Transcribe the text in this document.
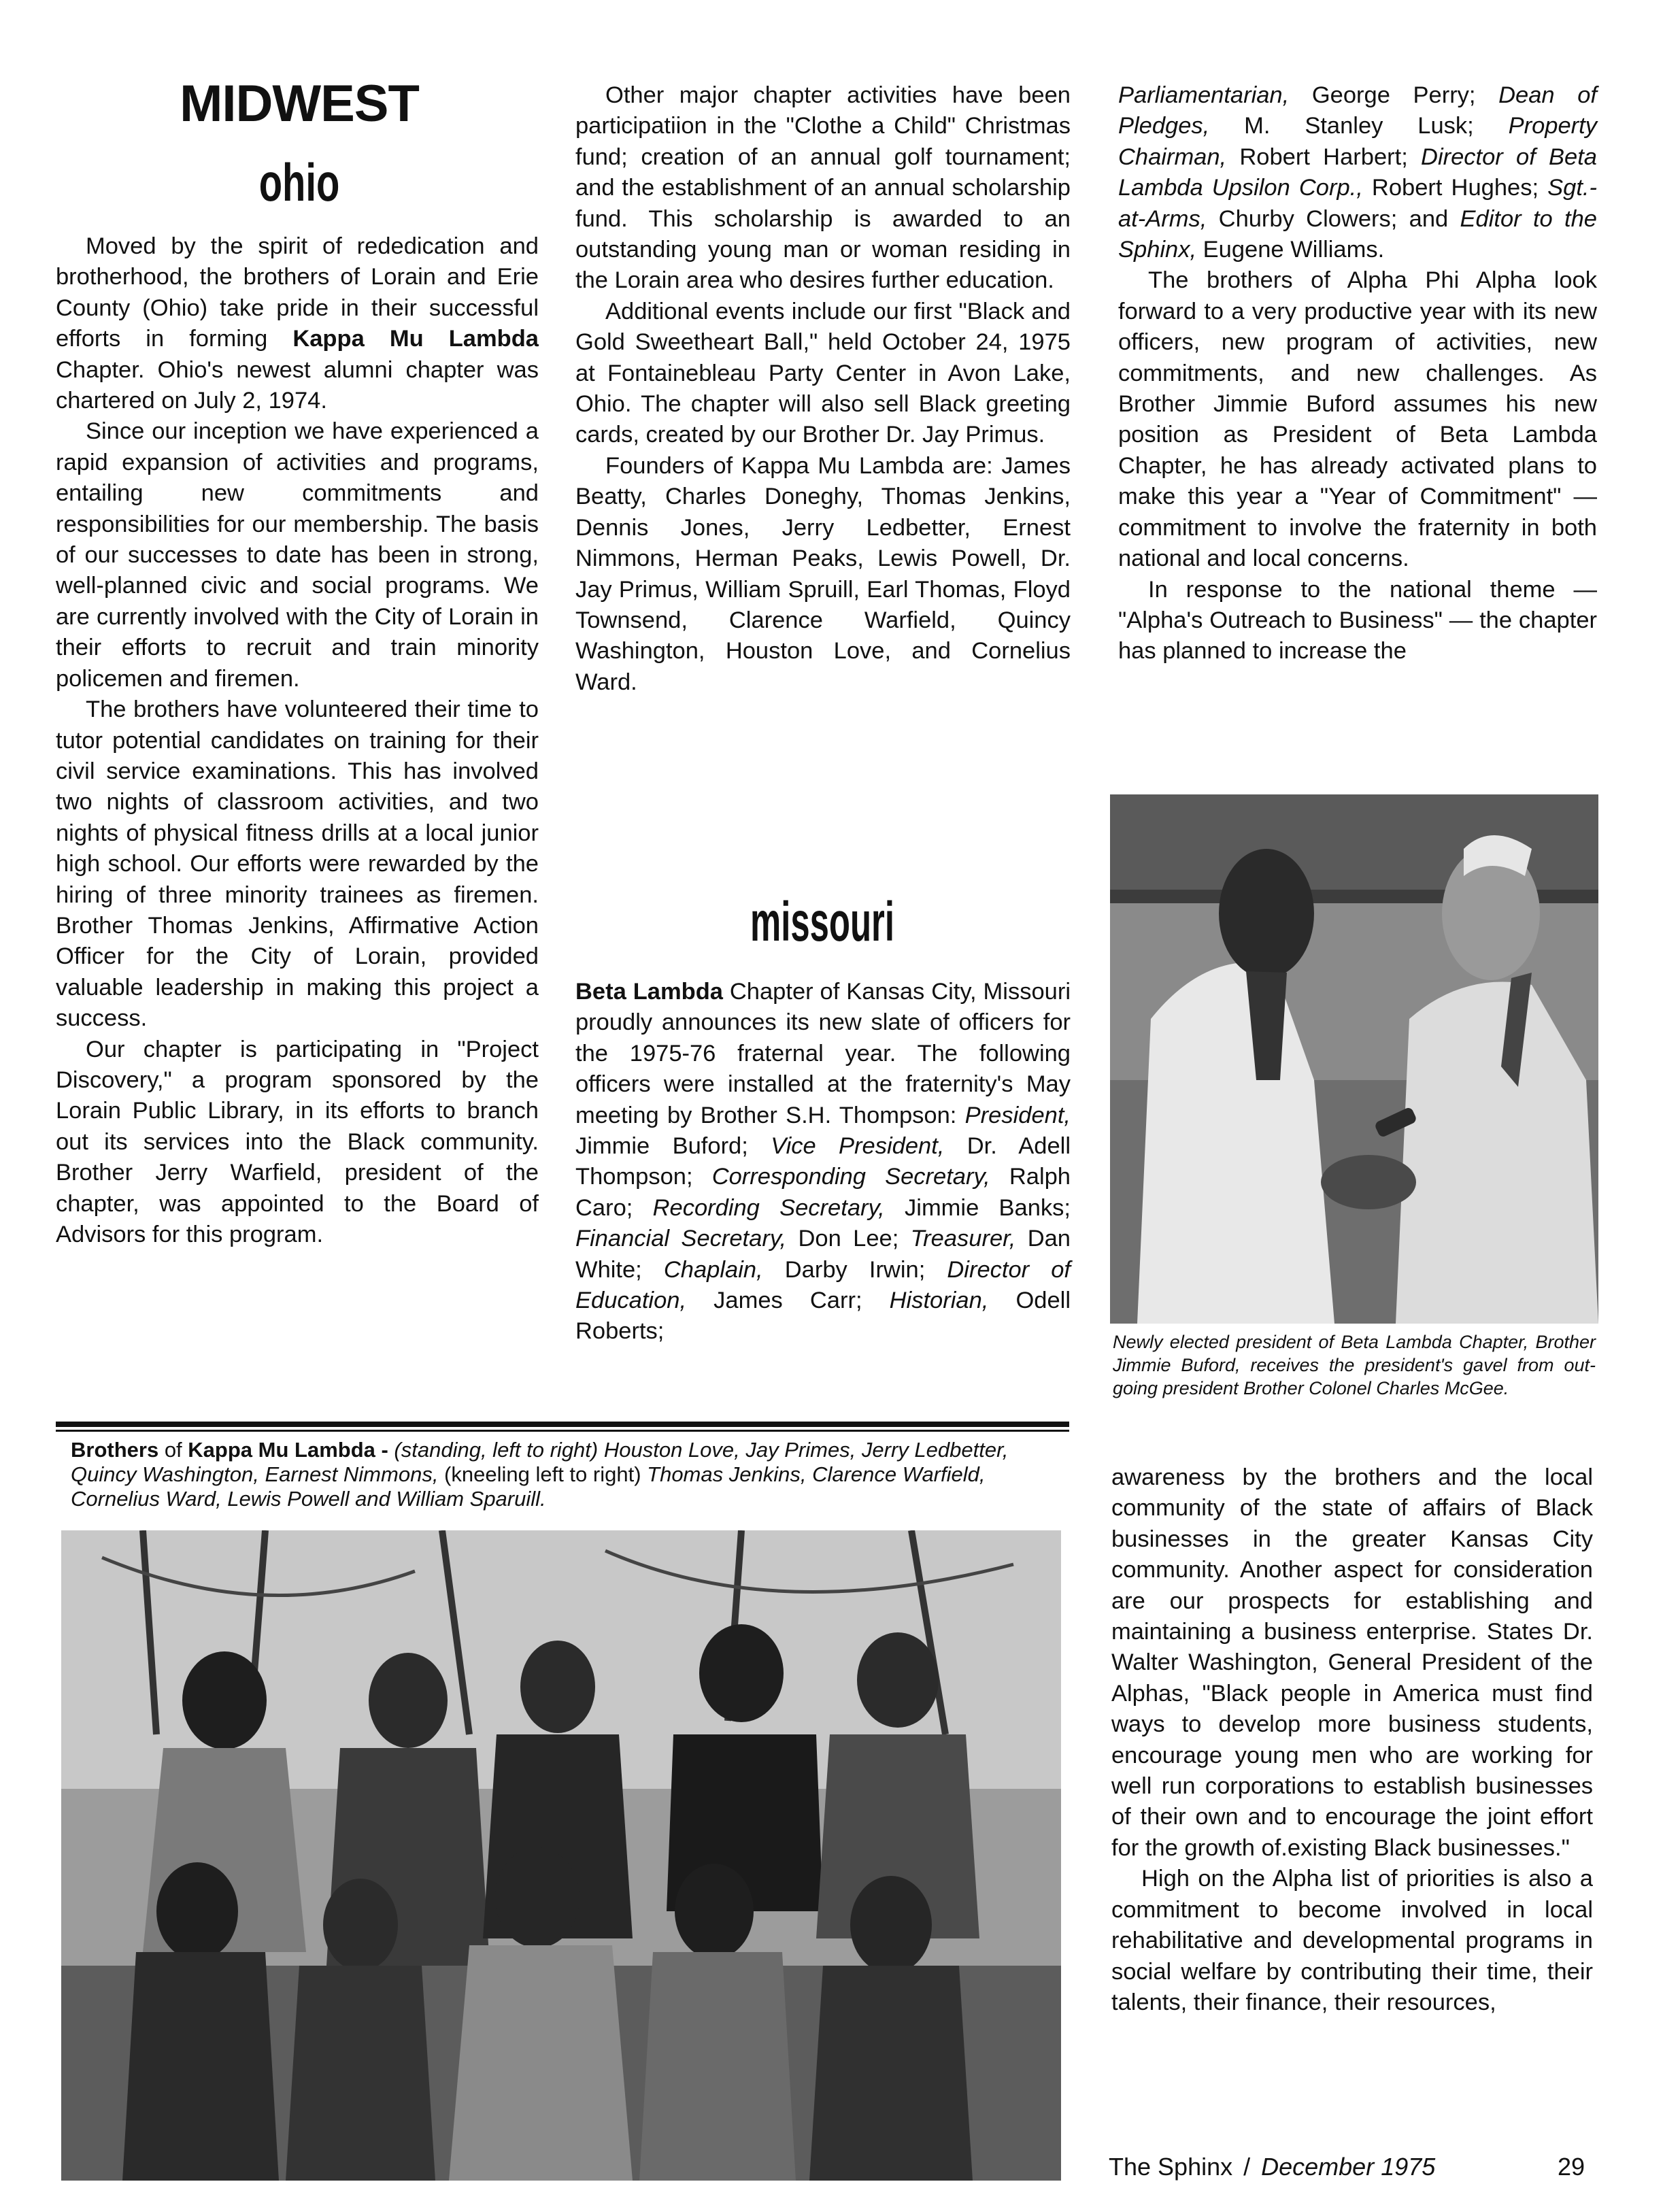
MIDWEST
ohio
missouri

Moved by the spirit of rededication and brotherhood, the brothers of Lorain and Erie County (Ohio) take pride in their successful efforts in forming Kappa Mu Lambda Chapter. Ohio's newest alumni chapter was chartered on July 2, 1974.

Since our inception we have experienced a rapid expansion of activities and programs, entailing new commitments and responsibilities for our membership. The basis of our successes to date has been in strong, well-planned civic and social programs. We are currently involved with the City of Lorain in their efforts to recruit and train minority policemen and firemen.

The brothers have volunteered their time to tutor potential candidates on training for their civil service examinations. This has involved two nights of classroom activities, and two nights of physical fitness drills at a local junior high school. Our efforts were rewarded by the hiring of three minority trainees as firemen. Brother Thomas Jenkins, Affirmative Action Officer for the City of Lorain, provided valuable leadership in making this project a success.

Our chapter is participating in "Project Discovery," a program sponsored by the Lorain Public Library, in its efforts to branch out its services into the Black community. Brother Jerry Warfield, president of the chapter, was appointed to the Board of Advisors for this program.

Other major chapter activities have been participatiion in the "Clothe a Child" Christmas fund; creation of an annual golf tournament; and the establishment of an annual scholarship fund. This scholarship is awarded to an outstanding young man or woman residing in the Lorain area who desires further education.

Additional events include our first "Black and Gold Sweetheart Ball," held October 24, 1975 at Fontainebleau Party Center in Avon Lake, Ohio. The chapter will also sell Black greeting cards, created by our Brother Dr. Jay Primus.

Founders of Kappa Mu Lambda are: James Beatty, Charles Doneghy, Thomas Jenkins, Dennis Jones, Jerry Ledbetter, Ernest Nimmons, Herman Peaks, Lewis Powell, Dr. Jay Primus, William Spruill, Earl Thomas, Floyd Townsend, Clarence Warfield, Quincy Washington, Houston Love, and Cornelius Ward.

Beta Lambda Chapter of Kansas City, Missouri proudly announces its new slate of officers for the 1975-76 fraternal year. The following officers were installed at the fraternity's May meeting by Brother S.H. Thompson: President, Jimmie Buford; Vice President, Dr. Adell Thompson; Corresponding Secretary, Ralph Caro; Recording Secretary, Jimmie Banks; Financial Secretary, Don Lee; Treasurer, Dan White; Chaplain, Darby Irwin; Director of Education, James Carr; Historian, Odell Roberts;

Parliamentarian, George Perry; Dean of Pledges, M. Stanley Lusk; Property Chairman, Robert Harbert; Director of Beta Lambda Upsilon Corp., Robert Hughes; Sgt.-at-Arms, Churby Clowers; and Editor to the Sphinx, Eugene Williams.

The brothers of Alpha Phi Alpha look forward to a very productive year with its new officers, new program of activities, new commitments, and new challenges. As Brother Jimmie Buford assumes his new position as President of Beta Lambda Chapter, he has already activated plans to make this year a "Year of Commitment" — commitment to involve the fraternity in both national and local concerns.

In response to the national theme — "Alpha's Outreach to Business" — the chapter has planned to increase the

Newly elected president of Beta Lambda Chapter, Brother Jimmie Buford, receives the president's gavel from out-going president Brother Colonel Charles McGee.
Brothers of Kappa Mu Lambda - (standing, left to right) Houston Love, Jay Primes, Jerry Ledbetter, Quincy Washington, Earnest Nimmons, (kneeling left to right) Thomas Jenkins, Clarence Warfield, Cornelius Ward, Lewis Powell and William Sparuill.

awareness by the brothers and the local community of the state of affairs of Black businesses in the greater Kansas City community. Another aspect for consideration are our prospects for establishing and maintaining a business enterprise. States Dr. Walter Washington, General President of the Alphas, "Black people in America must find ways to develop more business students, encourage young men who are working for well run corporations to establish businesses of their own and to encourage the joint effort for the growth of.existing Black businesses."

High on the Alpha list of priorities is also a commitment to become involved in local rehabilitative and developmental programs in social welfare by contributing their time, their talents, their finance, their resources,

The Sphinx / December 1975	29
